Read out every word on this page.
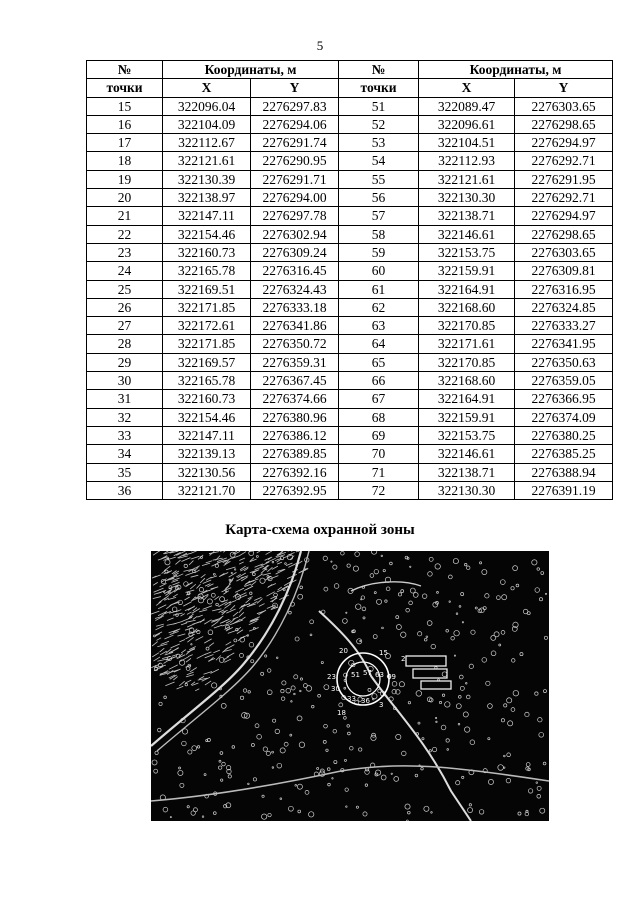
5
№	Координаты, м		№	Координаты, м	
точки	X	Y	точки	X	Y
15	322096.04	2276297.83	51	322089.47	2276303.65
16	322104.09	2276294.06	52	322096.61	2276298.65
17	322112.67	2276291.74	53	322104.51	2276294.97
18	322121.61	2276290.95	54	322112.93	2276292.71
19	322130.39	2276291.71	55	322121.61	2276291.95
20	322138.97	2276294.00	56	322130.30	2276292.71
21	322147.11	2276297.78	57	322138.71	2276294.97
22	322154.46	2276302.94	58	322146.61	2276298.65
23	322160.73	2276309.24	59	322153.75	2276303.65
24	322165.78	2276316.45	60	322159.91	2276309.81
25	322169.51	2276324.43	61	322164.91	2276316.95
26	322171.85	2276333.18	62	322168.60	2276324.85
27	322172.61	2276341.86	63	322170.85	2276333.27
28	322171.85	2276350.72	64	322171.61	2276341.95
29	322169.57	2276359.31	65	322170.85	2276350.63
30	322165.78	2276367.45	66	322168.60	2276359.05
31	322160.73	2276374.66	67	322164.91	2276366.95
32	322154.46	2276380.96	68	322159.91	2276374.09
33	322147.11	2276386.12	69	322153.75	2276380.25
34	322139.13	2276389.85	70	322146.61	2276385.25
35	322130.56	2276392.16	71	322138.71	2276388.94
36	322121.70	2276392.95	72	322130.30	2276391.19
Карта-схема охранной зоны
20	15
23 51 57 63 69
36
33
30
18
3
2
